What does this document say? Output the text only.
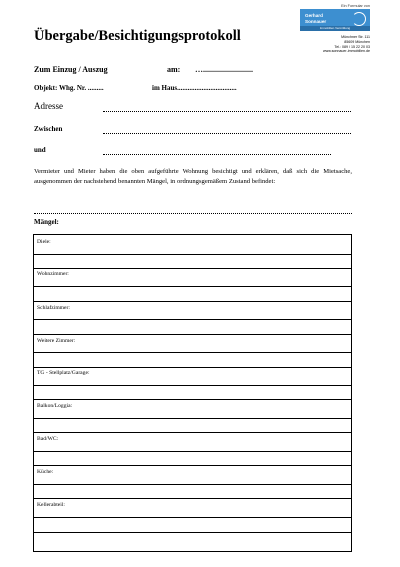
Übergabe/Besichtigungsprotokoll
Ein Formular von
Gerhard
Sonnauer
Immobilien Vermittlung
Münchner Str. 111
85609 München
Tel.: 089 / 15 22 20 03
www.sonnauer-immobilien.de
Zum Einzug / Auszug	am: ….........................
Objekt: Whg. Nr. .........	im Haus..................................
Adresse
Zwischen
und
Vermieter und Mieter haben die oben aufgeführte Wohnung besichtigt und erklären, daß sich die Mietsache, ausgenommen der nachstehend benannten Mängel, in ordnungsgemäßem Zustand befindet:
Mängel:
Diele:
Wohnzimmer:
Schlafzimmer:
Weitere Zimmer:
TG - Stellplatz/Garage:
Balkon/Loggia:
Bad/WC:
Küche:
Kellerabteil:
